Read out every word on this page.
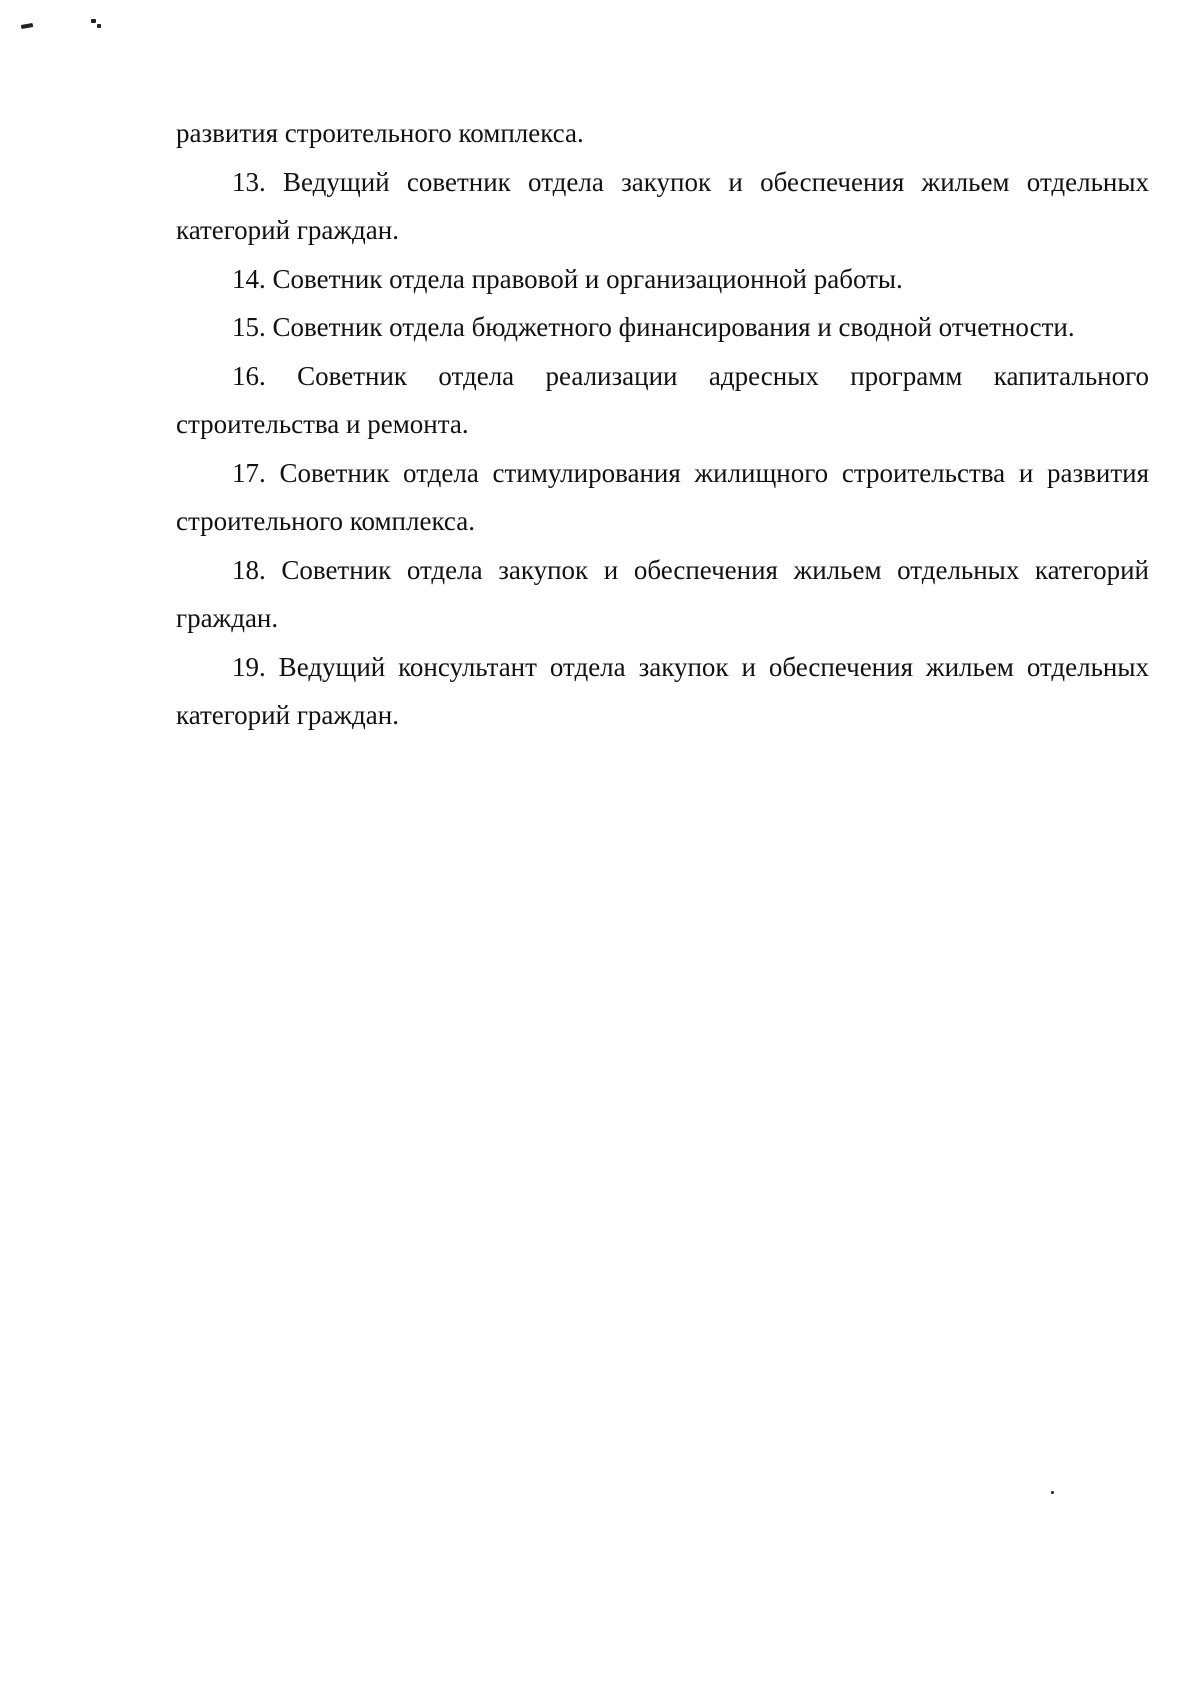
развития строительного комплекса.

13. Ведущий советник отдела закупок и обеспечения жильем отдельных категорий граждан.

14. Советник отдела правовой и организационной работы.

15. Советник отдела бюджетного финансирования и сводной отчетности.

16. Советник отдела реализации адресных программ капитального строительства и ремонта.

17. Советник отдела стимулирования жилищного строительства и развития строительного комплекса.

18. Советник отдела закупок и обеспечения жильем отдельных категорий граждан.

19. Ведущий консультант отдела закупок и обеспечения жильем отдельных категорий граждан.
